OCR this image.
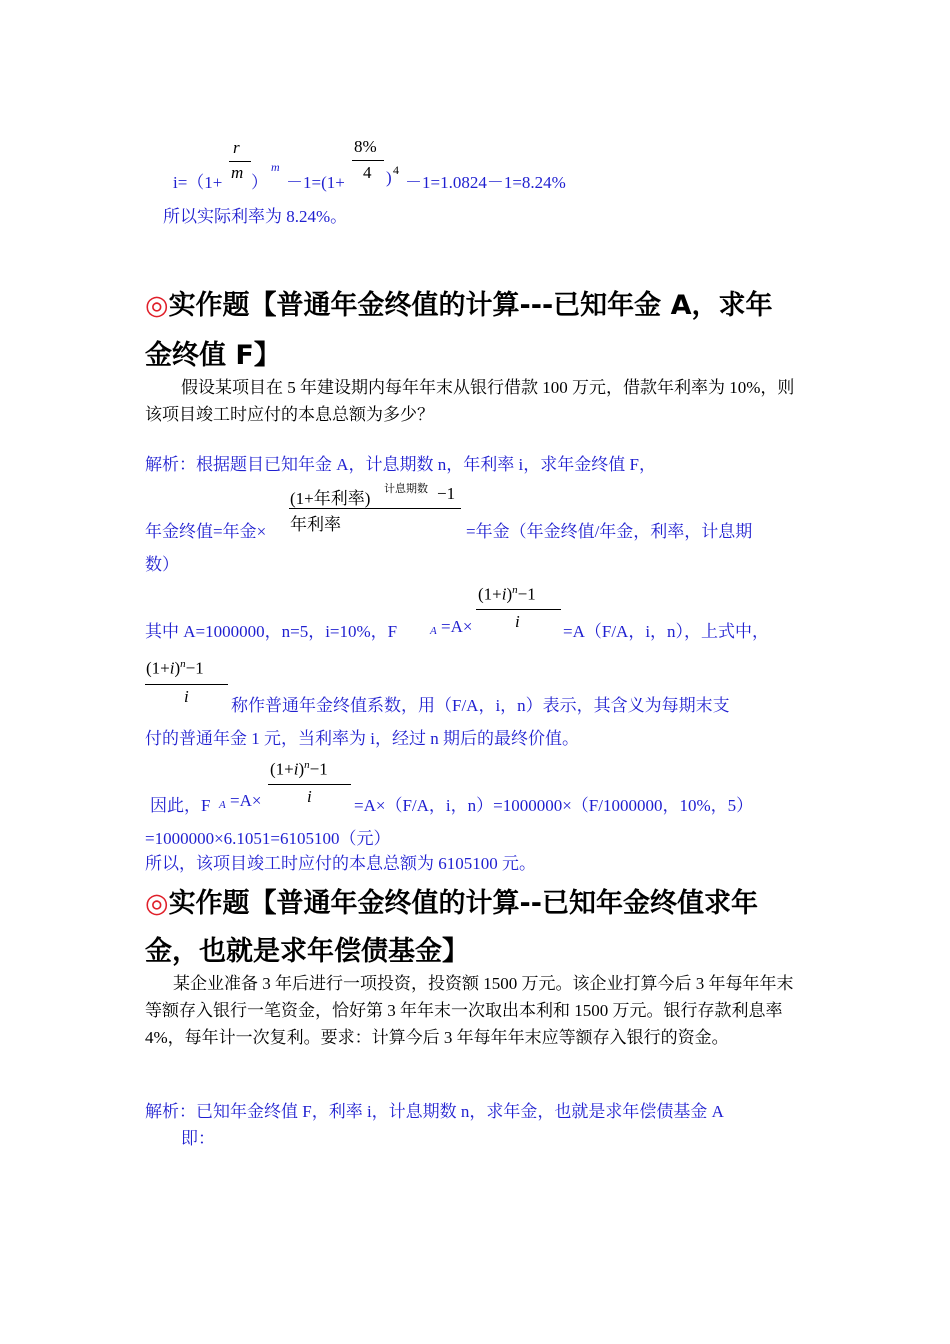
i=（1+
r
m
）
m
－1=(1+
8%
4 ) 4
－1=1.0824－1=8.24%
所以实际利率为 8.24%。
◎实作题【普通年金终值的计算---已知年金 A，求年
金终值 F】
假设某项目在 5 年建设期内每年年末从银行借款 100 万元，借款年利率为 10%，则该项目竣工时应付的本息总额为多少？
解析：根据题目已知年金 A，计息期数 n，年利率 i，求年金终值 F，
(1+年利率) 计息期数 −1
年利率
年金终值=年金×	=年金（年金终值/年金，利率，计息期
数）
其中 A=1000000，n=5，i=10%，F	A =A×
$(1+i)^n-1$
i
=A（F/A，i，n），上式中，
$(1+i)^n-1$
i 称作普通年金终值系数，用（F/A，i，n）表示，其含义为每期末支
付的普通年金 1 元，当利率为 i，经过 n 期后的最终价值。
因此，F A =A×
$(1+i)^n-1$
i =A×（F/A，i，n）=1000000×（F/1000000，10%，5）
=1000000×6.1051=6105100（元）
所以，该项目竣工时应付的本息总额为 6105100 元。
◎实作题【普通年金终值的计算--已知年金终值求年
金，也就是求年偿债基金】
某企业准备 3 年后进行一项投资，投资额 1500 万元。该企业打算今后 3 年每年年末等额存入银行一笔资金，恰好第 3 年年末一次取出本利和 1500 万元。银行存款利息率 4%，每年计一次复利。要求：计算今后 3 年每年年末应等额存入银行的资金。
解析：已知年金终值 F，利率 i，计息期数 n，求年金，也就是求年偿债基金 A
即：
